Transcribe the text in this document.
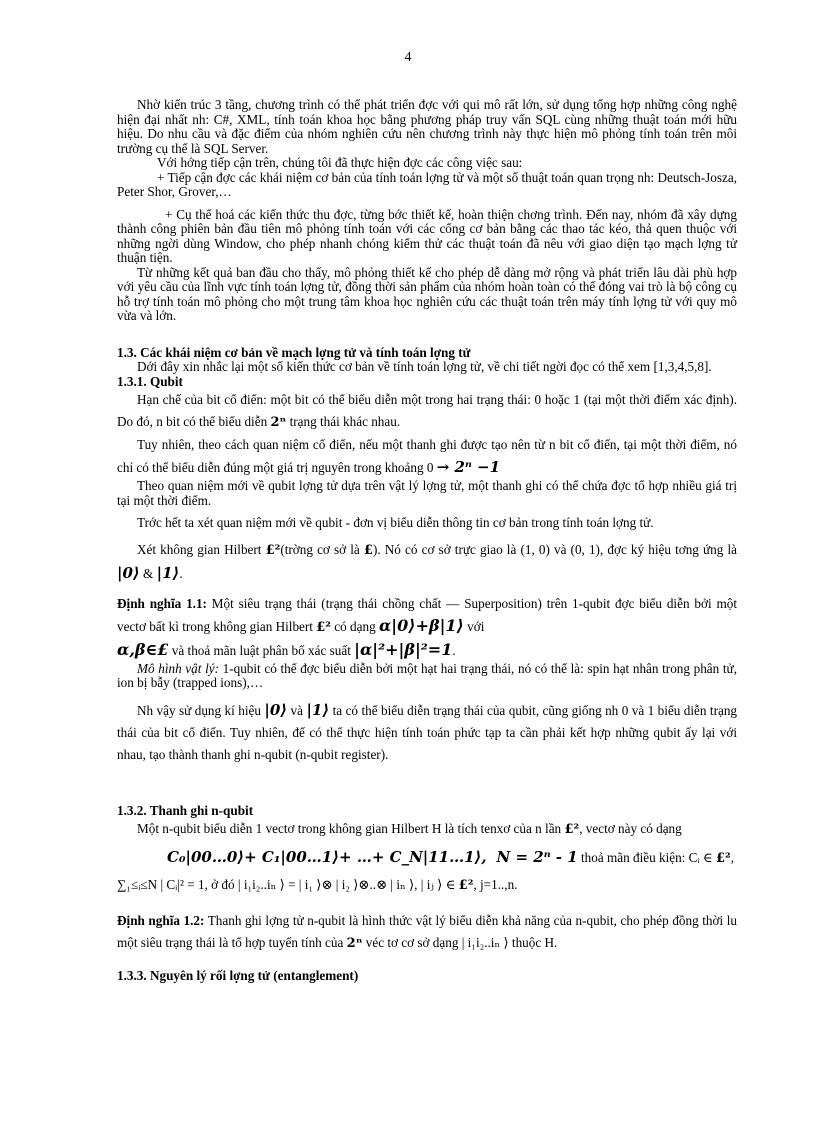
4

Nhờ kiến trúc 3 tầng, chương trình có thể phát triển đợc với qui mô rất lớn, sử dụng tổng hợp những công nghệ hiện đại nhất nh: C#, XML, tính toán khoa học bằng phương pháp truy vấn SQL cùng những thuật toán mới hữu hiệu. Do nhu cầu và đặc điểm của nhóm nghiên cứu nên chương trình này thực hiện mô phỏng tính toán trên môi trường cụ thể là SQL Server.

Với hớng tiếp cận trên, chúng tôi đã thực hiện đợc các công việc sau:

+ Tiếp cận đợc các khái niệm cơ bản của tính toán lợng tử và một số thuật toán quan trọng nh: Deutsch-Josza, Peter Shor, Grover,…

+ Cụ thể hoá các kiến thức thu đợc, từng bớc thiết kế, hoàn thiện chơng trình. Đến nay, nhóm đã xây dựng thành công phiên bản đầu tiên mô phỏng tính toán với các cổng cơ bản bằng các thao tác kéo, thả quen thuộc với những ngời dùng Window, cho phép nhanh chóng kiểm thử các thuật toán đã nêu với giao diện tạo mạch lợng tử thuận tiện.

Từ những kết quả ban đầu cho thấy, mô phỏng thiết kế cho phép dễ dàng mở rộng và phát triển lâu dài phù hợp với yêu cầu của lĩnh vực tính toán lợng tử, đồng thời sản phẩm của nhóm hoàn toàn có thể đóng vai trò là bộ công cụ hỗ trợ tính toán mô phỏng cho một trung tâm khoa học nghiên cứu các thuật toán trên máy tính lợng tử với quy mô vừa và lớn.

1.3. Các khái niệm cơ bản về mạch lợng tử và tính toán lợng tử

Dới đây xin nhắc lại một số kiến thức cơ bản về tính toán lợng tử, về chi tiết ngời đọc có thể xem [1,3,4,5,8].

1.3.1. Qubit

Hạn chế của bit cổ điển: một bit có thể biểu diễn một trong hai trạng thái: 0 hoặc 1 (tại một thời điểm xác định). Do đó, n bit có thể biểu diễn 2ⁿ trạng thái khác nhau.

Tuy nhiên, theo cách quan niệm cổ điển, nếu một thanh ghi được tạo nên từ n bit cổ điển, tại một thời điểm, nó chỉ có thể biểu diễn đúng một giá trị nguyên trong khoảng 0 → 2ⁿ −1

Theo quan niệm mới về qubit lợng tử dựa trên vật lý lợng tử, một thanh ghi có thể chứa đợc tổ hợp nhiều giá trị tại một thời điểm.

Trớc hết ta xét quan niệm mới về qubit - đơn vị biểu diễn thông tin cơ bản trong tính toán lợng tử.

Xét không gian Hilbert £²(trờng cơ sở là £). Nó có cơ sở trực giao là (1, 0) và (0, 1), đợc ký hiệu tơng ứng là |0⟩ & |1⟩.

Định nghĩa 1.1: Một siêu trạng thái (trạng thái chồng chất — Superposition) trên 1-qubit đợc biểu diễn bởi một vectơ bất kì trong không gian Hilbert £² có dạng α|0⟩+β|1⟩ với

α,β∈£ và thoả mãn luật phân bố xác suất |α|²+|β|²=1.

Mô hình vật lý: 1-qubit có thể đợc biểu diễn bởi một hạt hai trạng thái, nó có thể là: spin hạt nhân trong phân tử, ion bị bẫy (trapped ions),…

Nh vậy sử dụng kí hiệu |0⟩ và |1⟩ ta có thể biểu diễn trạng thái của qubit, cũng giống nh 0 và 1 biểu diễn trạng thái của bit cổ điển. Tuy nhiên, để có thể thực hiện tính toán phức tạp ta cần phải kết hợp những qubit ấy lại với nhau, tạo thành thanh ghi n-qubit (n-qubit register).

1.3.2. Thanh ghi n-qubit

Một n-qubit biểu diễn 1 vectơ trong không gian Hilbert H là tích tenxơ của n lần £², vectơ này có dạng

C₀|00…0⟩+ C₁|00…1⟩+ …+ C_N|11…1⟩, N = 2ⁿ - 1 thoả mãn điều kiện: Cᵢ ∈ £²,

∑₁≤ᵢ≤N | Cᵢ|² = 1, ở đó | i₁i₂..iₙ ⟩ = | i₁ ⟩⊗ | i₂ ⟩⊗..⊗ | iₙ ⟩, | iⱼ ⟩ ∈ £², j=1..,n.

Định nghĩa 1.2: Thanh ghi lợng tử n-qubit là hình thức vật lý biểu diễn khả năng của n-qubit, cho phép đồng thời lu một siêu trạng thái là tổ hợp tuyến tính của 2ⁿ véc tơ cơ sở dạng | i₁i₂..iₙ ⟩ thuộc H.

1.3.3. Nguyên lý rối lợng tử (entanglement)
